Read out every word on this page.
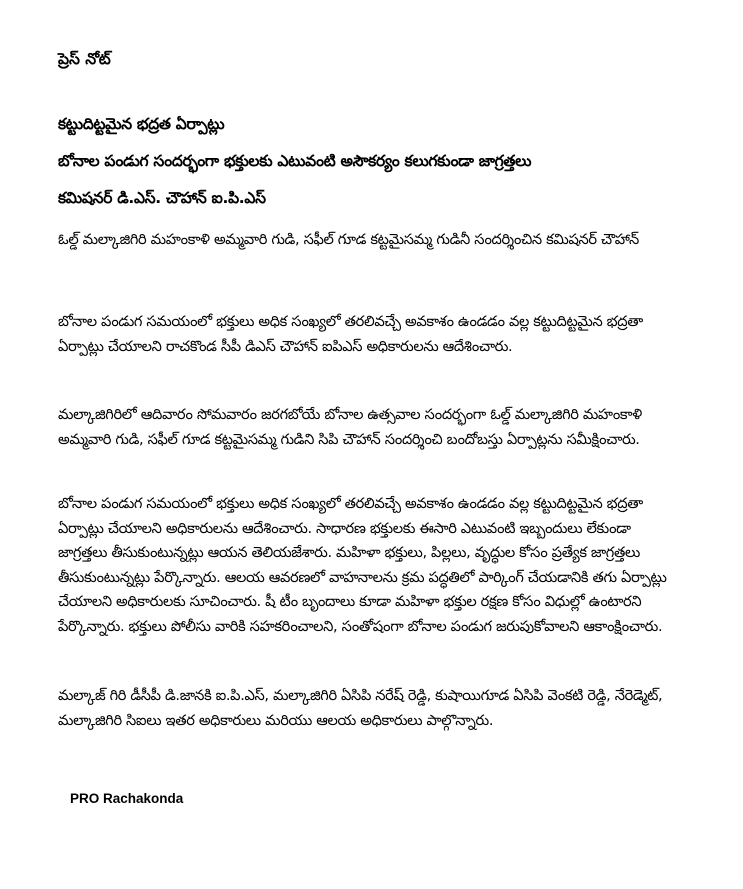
ప్రెస్ నోట్
కట్టుదిట్టమైన భద్రత ఏర్పాట్లు
బోనాల పండుగ సందర్భంగా భక్తులకు ఎటువంటి అసౌకర్యం కలుగకుండా జాగ్రత్తలు
కమిషనర్ డి.ఎస్. చౌహాన్ ఐ.పి.ఎస్

ఓల్డ్ మల్కాజిగిరి మహంకాళి అమ్మవారి గుడి, సఫీల్ గూడ కట్టమైసమ్మ గుడినీ సందర్శించిన కమిషనర్ చౌహాన్

బోనాల పండుగ సమయంలో భక్తులు అధిక సంఖ్యలో తరలివచ్చే అవకాశం ఉండడం వల్ల కట్టుదిట్టమైన భద్రతా ఏర్పాట్లు చేయాలని రాచకొండ సీపీ డిఎస్ చౌహాన్ ఐపిఎస్ అధికారులను ఆదేశించారు.

మల్కాజిగిరిలో ఆదివారం సోమవారం జరగబోయే బోనాల ఉత్సవాల సందర్భంగా ఓల్డ్ మల్కాజిగిరి మహంకాళి అమ్మవారి గుడి, సఫీల్ గూడ కట్టమైసమ్మ గుడిని సిపి చౌహాన్ సందర్శించి బందోబస్తు ఏర్పాట్లను సమీక్షించారు.

బోనాల పండుగ సమయంలో భక్తులు అధిక సంఖ్యలో తరలివచ్చే అవకాశం ఉండడం వల్ల కట్టుదిట్టమైన భద్రతా ఏర్పాట్లు చేయాలని అధికారులను ఆదేశించారు. సాధారణ భక్తులకు ఈసారి ఎటువంటి ఇబ్బందులు లేకుండా జాగ్రత్తలు తీసుకుంటున్నట్లు ఆయన తెలియజేశారు. మహిళా భక్తులు, పిల్లలు, వృద్ధుల కోసం ప్రత్యేక జాగ్రత్తలు తీసుకుంటున్నట్లు పేర్కొన్నారు. ఆలయ ఆవరణలో వాహనాలను క్రమ పద్ధతిలో పార్కింగ్ చేయడానికి తగు ఏర్పాట్లు చేయాలని అధికారులకు సూచించారు. షీ టీం బృందాలు కూడా మహిళా భక్తుల రక్షణ కోసం విధుల్లో ఉంటారని పేర్కొన్నారు. భక్తులు పోలీసు వారికి సహకరించాలని, సంతోషంగా బోనాల పండుగ జరుపుకోవాలని ఆకాంక్షించారు.

మల్కాజ్ గిరి డీసీపీ డి.జానకి ఐ.పి.ఎస్, మల్కాజిగిరి ఏసిపి నరేష్ రెడ్డి, కుషాయిగూడ ఏసిపి వెంకటి రెడ్డి, నేరెడ్మెట్, మల్కాజిగిరి సిఐలు ఇతర అధికారులు మరియు ఆలయ అధికారులు పాల్గొన్నారు.

PRO Rachakonda
